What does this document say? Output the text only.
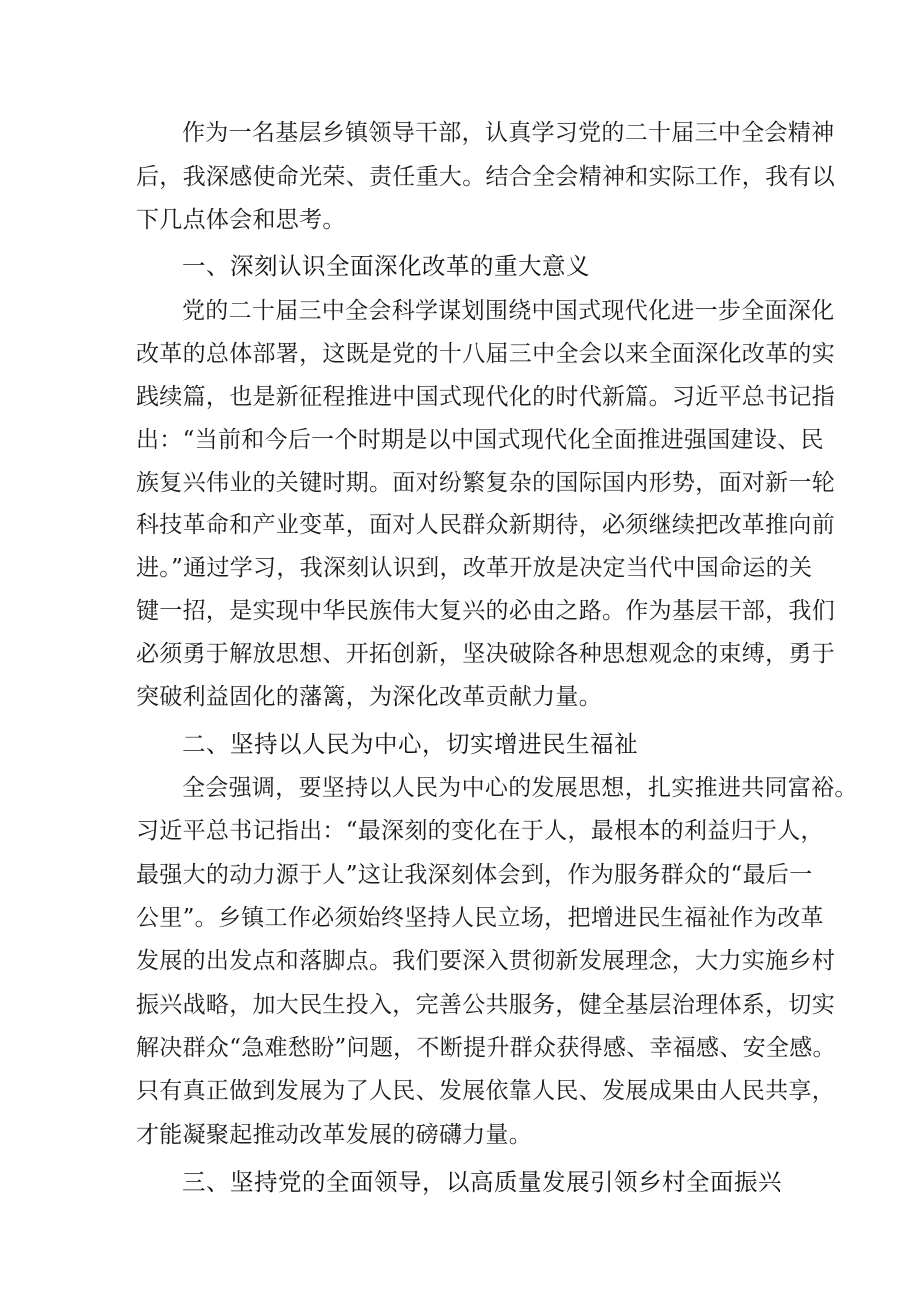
作为一名基层乡镇领导干部，认真学习党的二十届三中全会精神
后，我深感使命光荣、责任重大。结合全会精神和实际工作，我有以
下几点体会和思考。
一、深刻认识全面深化改革的重大意义
党的二十届三中全会科学谋划围绕中国式现代化进一步全面深化
改革的总体部署，这既是党的十八届三中全会以来全面深化改革的实
践续篇，也是新征程推进中国式现代化的时代新篇。习近平总书记指
出：“当前和今后一个时期是以中国式现代化全面推进强国建设、民
族复兴伟业的关键时期。面对纷繁复杂的国际国内形势，面对新一轮
科技革命和产业变革，面对人民群众新期待，必须继续把改革推向前
进。”通过学习，我深刻认识到，改革开放是决定当代中国命运的关
键一招，是实现中华民族伟大复兴的必由之路。作为基层干部，我们
必须勇于解放思想、开拓创新，坚决破除各种思想观念的束缚，勇于
突破利益固化的藩篱，为深化改革贡献力量。
二、坚持以人民为中心，切实增进民生福祉
全会强调，要坚持以人民为中心的发展思想，扎实推进共同富裕。
习近平总书记指出：“最深刻的变化在于人，最根本的利益归于人，
最强大的动力源于人”这让我深刻体会到，作为服务群众的“最后一
公里”。乡镇工作必须始终坚持人民立场，把增进民生福祉作为改革
发展的出发点和落脚点。我们要深入贯彻新发展理念，大力实施乡村
振兴战略，加大民生投入，完善公共服务，健全基层治理体系，切实
解决群众“急难愁盼”问题，不断提升群众获得感、幸福感、安全感。
只有真正做到发展为了人民、发展依靠人民、发展成果由人民共享，
才能凝聚起推动改革发展的磅礴力量。
三、坚持党的全面领导，以高质量发展引领乡村全面振兴
